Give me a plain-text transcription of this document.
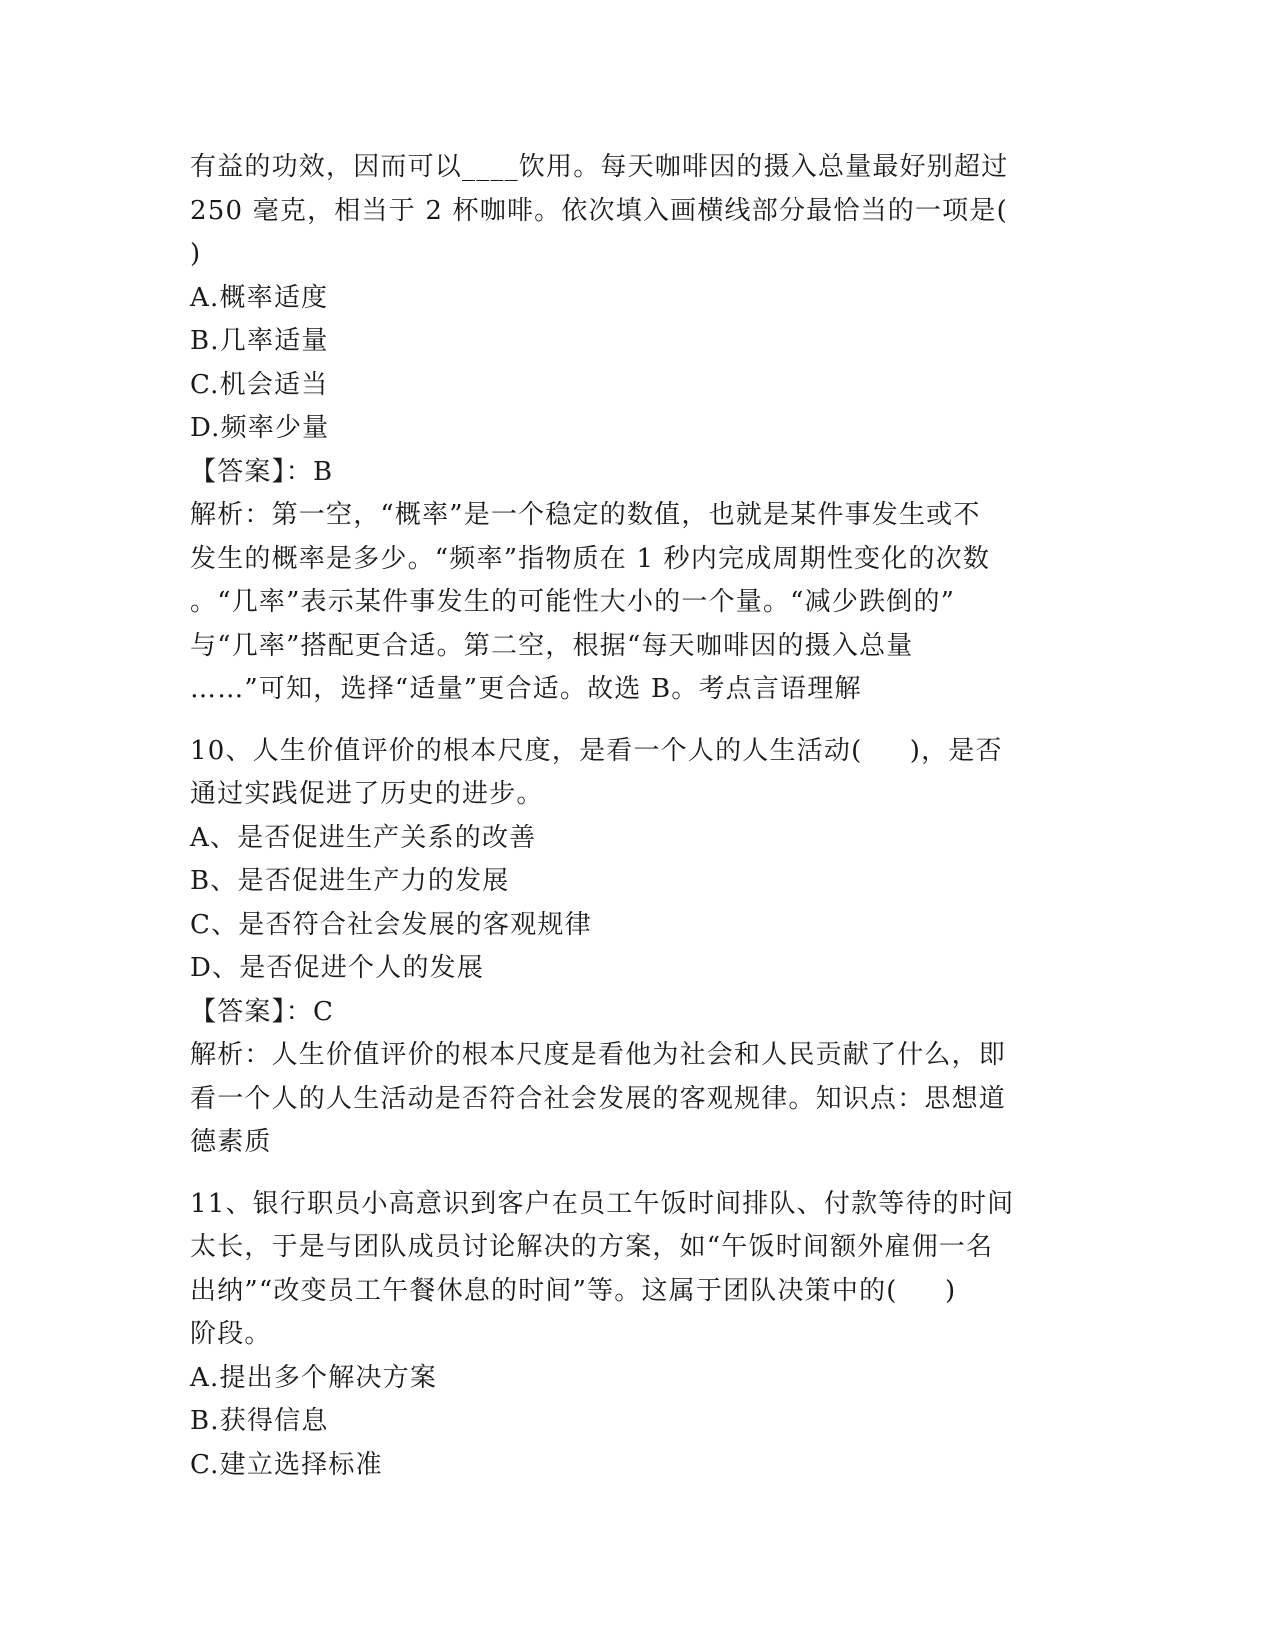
有益的功效，因而可以____饮用。每天咖啡因的摄入总量最好别超过
250 毫克，相当于 2 杯咖啡。依次填入画横线部分最恰当的一项是(
)
A.概率适度
B.几率适量
C.机会适当
D.频率少量
【答案】：B
解析：第一空，“概率”是一个稳定的数值，也就是某件事发生或不
发生的概率是多少。“频率”指物质在 1 秒内完成周期性变化的次数
。“几率”表示某件事发生的可能性大小的一个量。“减少跌倒的”
与“几率”搭配更合适。第二空，根据“每天咖啡因的摄入总量
……”可知，选择“适量”更合适。故选 B。考点言语理解
10、人生价值评价的根本尺度，是看一个人的人生活动(     )，是否
通过实践促进了历史的进步。
A、是否促进生产关系的改善
B、是否促进生产力的发展
C、是否符合社会发展的客观规律
D、是否促进个人的发展
【答案】：C
解析：人生价值评价的根本尺度是看他为社会和人民贡献了什么，即
看一个人的人生活动是否符合社会发展的客观规律。知识点：思想道
德素质
11、银行职员小高意识到客户在员工午饭时间排队、付款等待的时间
太长，于是与团队成员讨论解决的方案，如“午饭时间额外雇佣一名
出纳”“改变员工午餐休息的时间”等。这属于团队决策中的(     )
阶段。
A.提出多个解决方案
B.获得信息
C.建立选择标准
